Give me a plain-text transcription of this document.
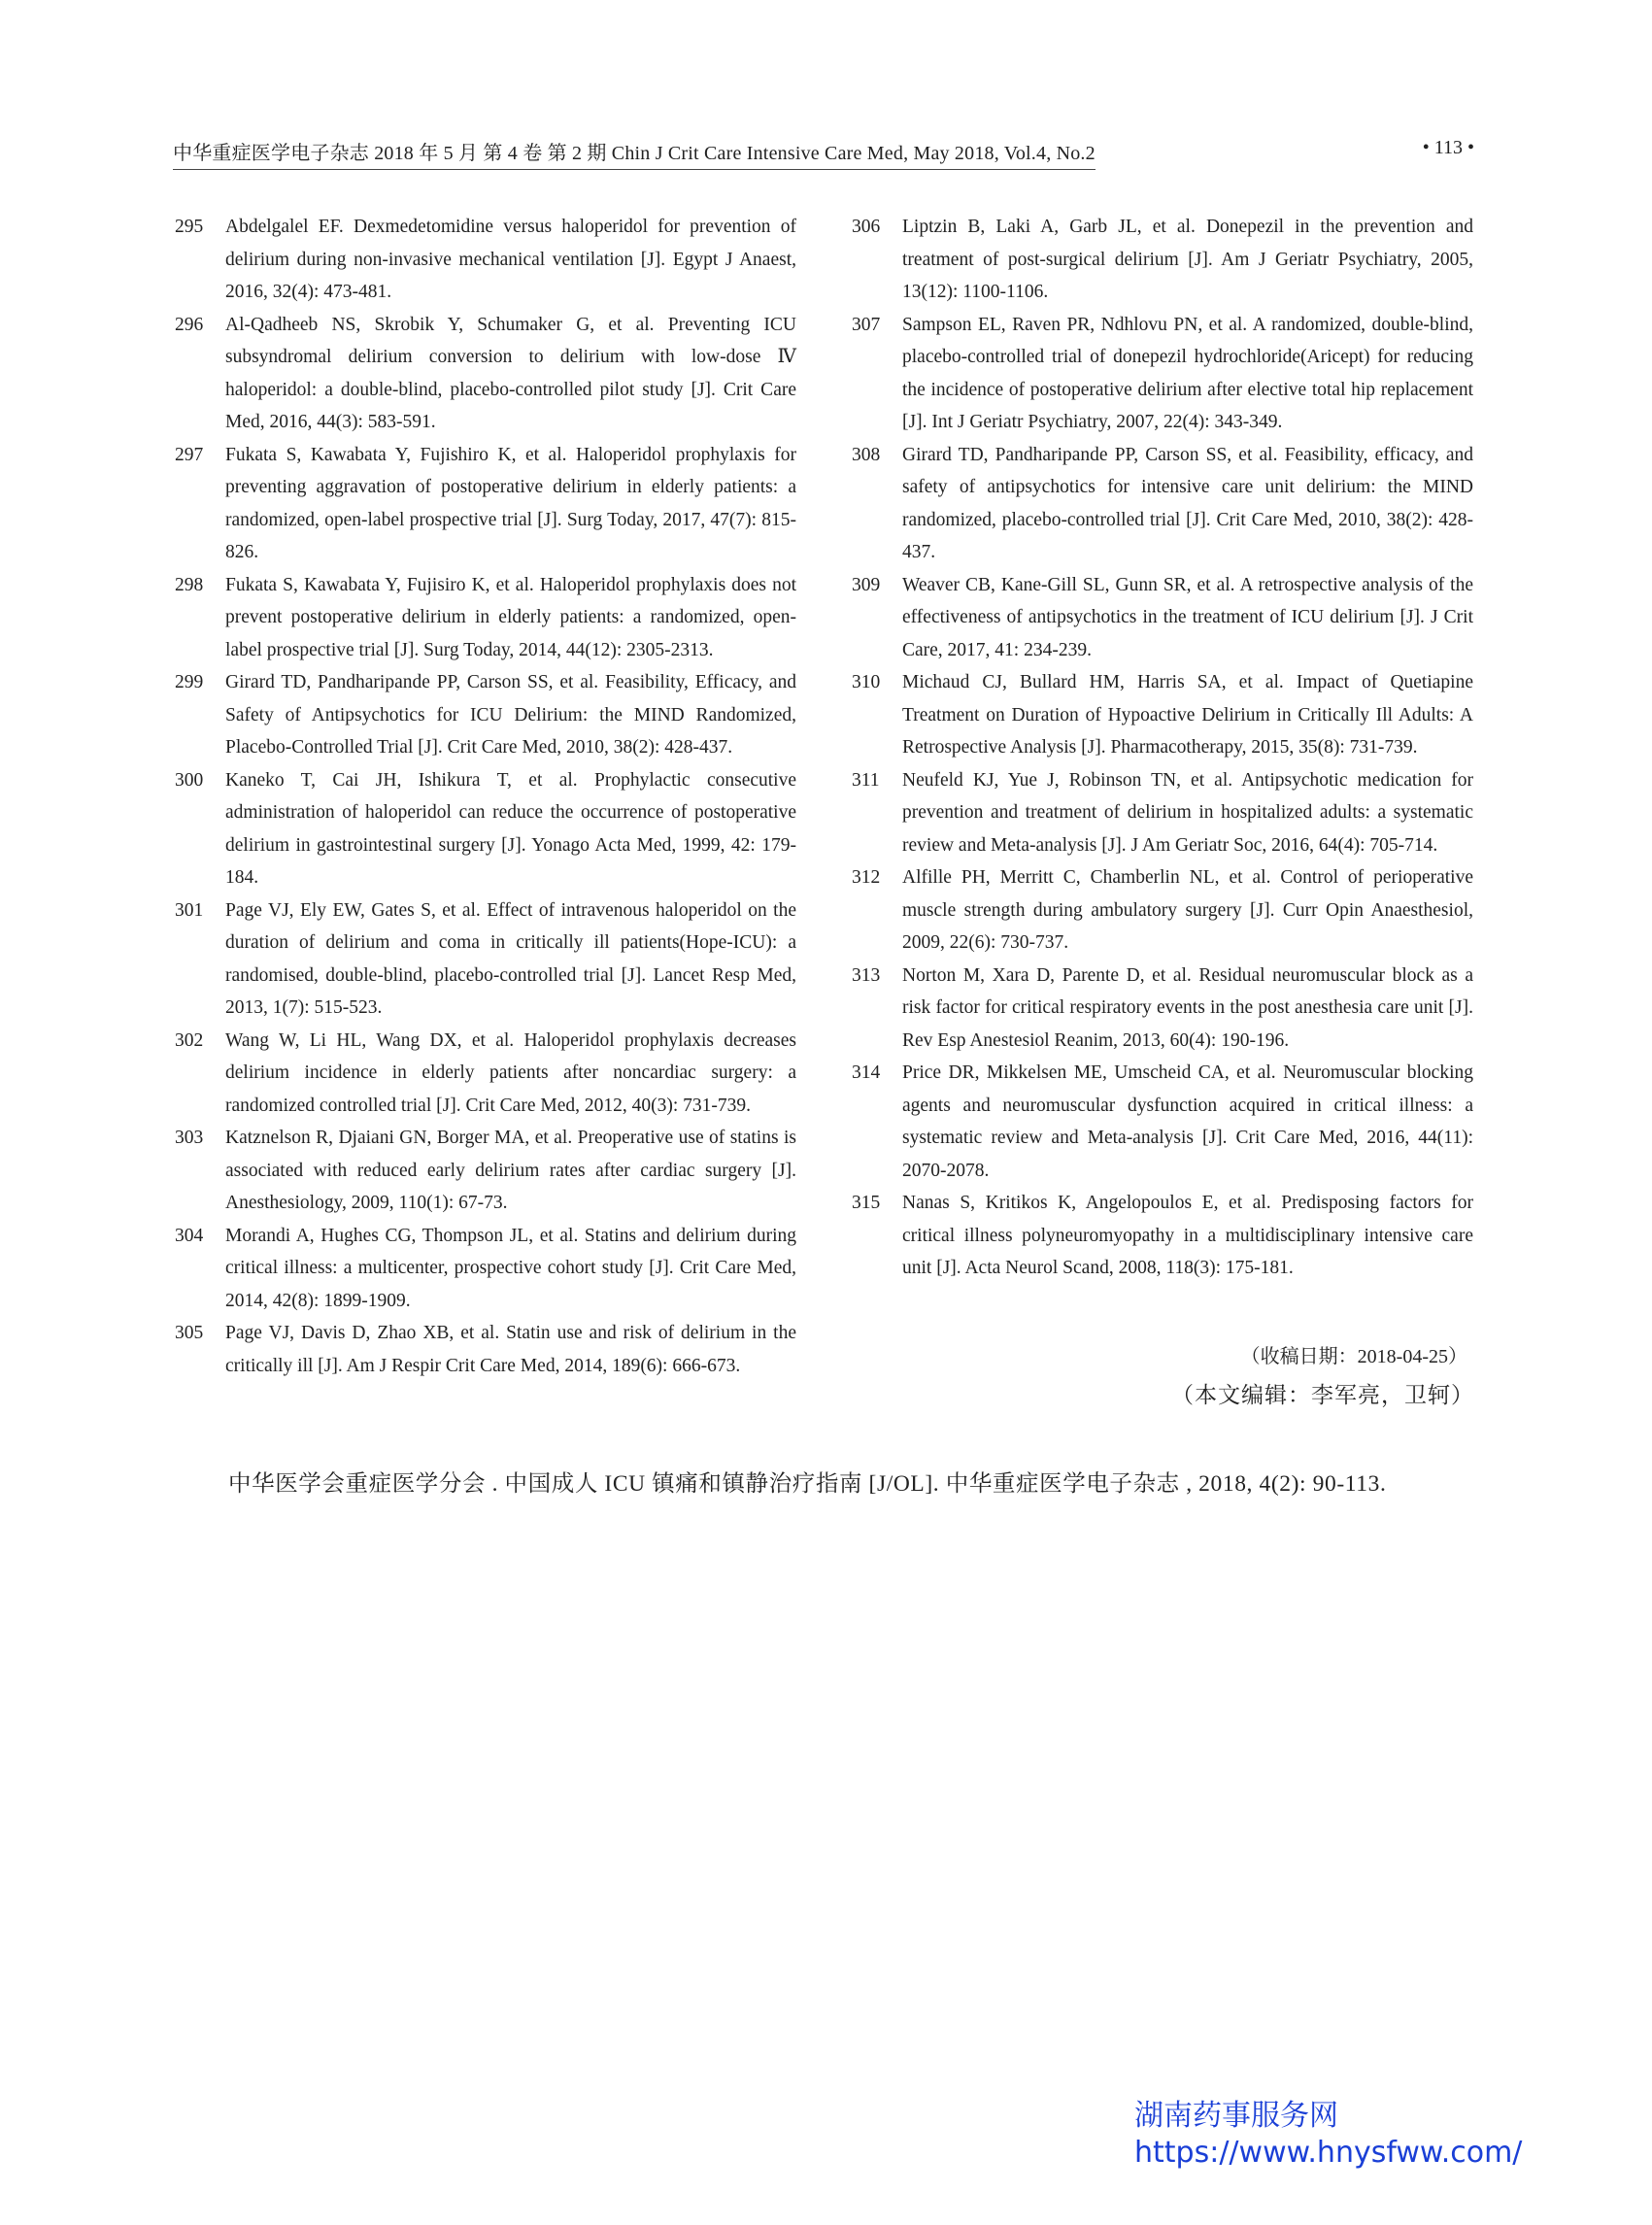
中华重症医学电子杂志 2018 年 5 月 第 4 卷 第 2 期 Chin J Crit Care Intensive Care Med, May 2018, Vol.4, No.2	• 113 •

295 Abdelgalel EF. Dexmedetomidine versus haloperidol for prevention of delirium during non-invasive mechanical ventilation [J]. Egypt J Anaest, 2016, 32(4): 473-481.

296 Al-Qadheeb NS, Skrobik Y, Schumaker G, et al. Preventing ICU subsyndromal delirium conversion to delirium with low-dose Ⅳ haloperidol: a double-blind, placebo-controlled pilot study [J]. Crit Care Med, 2016, 44(3): 583-591.

297 Fukata S, Kawabata Y, Fujishiro K, et al. Haloperidol prophylaxis for preventing aggravation of postoperative delirium in elderly patients: a randomized, open-label prospective trial [J]. Surg Today, 2017, 47(7): 815-826.

298 Fukata S, Kawabata Y, Fujisiro K, et al. Haloperidol prophylaxis does not prevent postoperative delirium in elderly patients: a randomized, open-label prospective trial [J]. Surg Today, 2014, 44(12): 2305-2313.

299 Girard TD, Pandharipande PP, Carson SS, et al. Feasibility, Efficacy, and Safety of Antipsychotics for ICU Delirium: the MIND Randomized, Placebo-Controlled Trial [J]. Crit Care Med, 2010, 38(2): 428-437.

300 Kaneko T, Cai JH, Ishikura T, et al. Prophylactic consecutive administration of haloperidol can reduce the occurrence of postoperative delirium in gastrointestinal surgery [J]. Yonago Acta Med, 1999, 42: 179-184.

301 Page VJ, Ely EW, Gates S, et al. Effect of intravenous haloperidol on the duration of delirium and coma in critically ill patients(Hope-ICU): a randomised, double-blind, placebo-controlled trial [J]. Lancet Resp Med, 2013, 1(7): 515-523.

302 Wang W, Li HL, Wang DX, et al. Haloperidol prophylaxis decreases delirium incidence in elderly patients after noncardiac surgery: a randomized controlled trial [J]. Crit Care Med, 2012, 40(3): 731-739.

303 Katznelson R, Djaiani GN, Borger MA, et al. Preoperative use of statins is associated with reduced early delirium rates after cardiac surgery [J]. Anesthesiology, 2009, 110(1): 67-73.

304 Morandi A, Hughes CG, Thompson JL, et al. Statins and delirium during critical illness: a multicenter, prospective cohort study [J]. Crit Care Med, 2014, 42(8): 1899-1909.

305 Page VJ, Davis D, Zhao XB, et al. Statin use and risk of delirium in the critically ill [J]. Am J Respir Crit Care Med, 2014, 189(6): 666-673.

306 Liptzin B, Laki A, Garb JL, et al. Donepezil in the prevention and treatment of post-surgical delirium [J]. Am J Geriatr Psychiatry, 2005, 13(12): 1100-1106.

307 Sampson EL, Raven PR, Ndhlovu PN, et al. A randomized, double-blind, placebo-controlled trial of donepezil hydrochloride(Aricept) for reducing the incidence of postoperative delirium after elective total hip replacement [J]. Int J Geriatr Psychiatry, 2007, 22(4): 343-349.

308 Girard TD, Pandharipande PP, Carson SS, et al. Feasibility, efficacy, and safety of antipsychotics for intensive care unit delirium: the MIND randomized, placebo-controlled trial [J]. Crit Care Med, 2010, 38(2): 428-437.

309 Weaver CB, Kane-Gill SL, Gunn SR, et al. A retrospective analysis of the effectiveness of antipsychotics in the treatment of ICU delirium [J]. J Crit Care, 2017, 41: 234-239.

310 Michaud CJ, Bullard HM, Harris SA, et al. Impact of Quetiapine Treatment on Duration of Hypoactive Delirium in Critically Ill Adults: A Retrospective Analysis [J]. Pharmacotherapy, 2015, 35(8): 731-739.

311 Neufeld KJ, Yue J, Robinson TN, et al. Antipsychotic medication for prevention and treatment of delirium in hospitalized adults: a systematic review and Meta-analysis [J]. J Am Geriatr Soc, 2016, 64(4): 705-714.

312 Alfille PH, Merritt C, Chamberlin NL, et al. Control of perioperative muscle strength during ambulatory surgery [J]. Curr Opin Anaesthesiol, 2009, 22(6): 730-737.

313 Norton M, Xara D, Parente D, et al. Residual neuromuscular block as a risk factor for critical respiratory events in the post anesthesia care unit [J]. Rev Esp Anestesiol Reanim, 2013, 60(4): 190-196.

314 Price DR, Mikkelsen ME, Umscheid CA, et al. Neuromuscular blocking agents and neuromuscular dysfunction acquired in critical illness: a systematic review and Meta-analysis [J]. Crit Care Med, 2016, 44(11): 2070-2078.

315 Nanas S, Kritikos K, Angelopoulos E, et al. Predisposing factors for critical illness polyneuromyopathy in a multidisciplinary intensive care unit [J]. Acta Neurol Scand, 2008, 118(3): 175-181.

（收稿日期：2018-04-25）
（本文编辑：李军亮，卫轲）
中华医学会重症医学分会 . 中国成人 ICU 镇痛和镇静治疗指南 [J/OL]. 中华重症医学电子杂志 , 2018, 4(2): 90-113.
湖南药事服务网
https://www.hnysfww.com/
